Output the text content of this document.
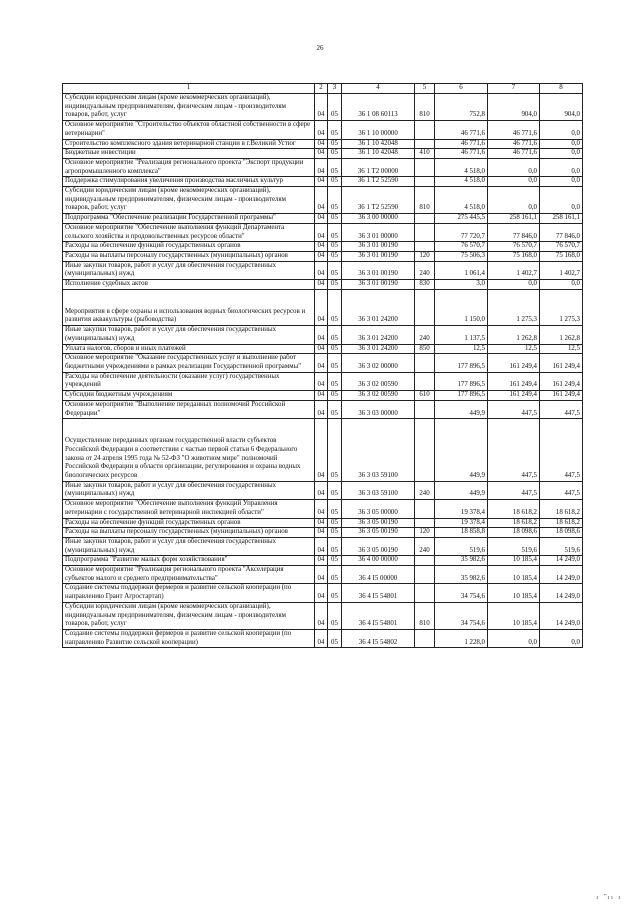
26
1	2	3	4	5	6	7	8
Субсидии юридическим лицам (кроме некоммерческих организаций), индивидуальным предпринимателям, физическим лицам - производителям товаров, работ, услуг	04	05	36 1 08 60113	810	752,8	904,0	904,0
Основное мероприятие "Строительство объектов областной собственности в сфере ветеринарии"	04	05	36 1 10 00000		46 771,6	46 771,6	0,0
Строительство комплексного здания ветеринарной станции в г.Великий Устюг	04	05	36 1 10 42048		46 771,6	46 771,6	0,0
Бюджетные инвестиции	04	05	36 1 10 42048	410	46 771,6	46 771,6	0,0
Основное мероприятие "Реализация регионального проекта "Экспорт продукции агропромышленного комплекса"	04	05	36 1 T2 00000		4 518,0	0,0	0,0
Поддержка стимулирования увеличения производства масличных культур	04	05	36 1 T2 52590		4 518,0	0,0	0,0
Субсидии юридическим лицам (кроме некоммерческих организаций), индивидуальным предпринимателям, физическим лицам - производителям товаров, работ, услуг	04	05	36 1 T2 52590	810	4 518,0	0,0	0,0
Подпрограмма "Обеспечение реализации Государственной программы"	04	05	36 3 00 00000		275 445,5	258 161,1	258 161,1
Основное мероприятие "Обеспечение выполнения функций Департамента сельского хозяйства и продовольственных ресурсов области"	04	05	36 3 01 00000		77 720,7	77 846,0	77 846,0
Расходы на обеспечение функций государственных органов	04	05	36 3 01 00190		76 570,7	76 570,7	76 570,7
Расходы на выплаты персоналу государственных (муниципальных) органов	04	05	36 3 01 00190	120	75 506,3	75 168,0	75 168,0
Иные закупки товаров, работ и услуг для обеспечения государственных (муниципальных) нужд	04	05	36 3 01 00190	240	1 061,4	1 402,7	1 402,7
Исполнение судебных актов	04	05	36 3 01 00190	830	3,0	0,0	0,0
Мероприятия в сфере охраны и использования водных биологических ресурсов и развития аквакультуры (рыбоводства)	04	05	36 3 01 24200		1 150,0	1 275,3	1 275,3
Иные закупки товаров, работ и услуг для обеспечения государственных (муниципальных) нужд	04	05	36 3 01 24200	240	1 137,5	1 262,8	1 262,8
Уплата налогов, сборов и иных платежей	04	05	36 3 01 24200	850	12,5	12,5	12,5
Основное мероприятие "Оказание государственных услуг и выполнение работ бюджетными учреждениями в рамках реализации Государственной программы"	04	05	36 3 02 00000		177 896,5	161 249,4	161 249,4
Расходы на обеспечение деятельности (оказание услуг) государственных учреждений	04	05	36 3 02 00590		177 896,5	161 249,4	161 249,4
Субсидии бюджетным учреждениям	04	05	36 3 02 00590	610	177 896,5	161 249,4	161 249,4
Основное мероприятие "Выполнение переданных полномочий Российской Федерации"	04	05	36 3 03 00000		449,9	447,5	447,5
Осуществление переданных органам государственной власти субъектов Российской Федерации в соответствии с частью первой статьи 6 Федерального закона от 24 апреля 1995 года № 52-ФЗ "О животном мире" полномочий Российской Федерации в области организации, регулирования и охраны водных биологических ресурсов	04	05	36 3 03 59100		449,9	447,5	447,5
Иные закупки товаров, работ и услуг для обеспечения государственных (муниципальных) нужд	04	05	36 3 03 59100	240	449,9	447,5	447,5
Основное мероприятие "Обеспечение выполнения функций Управления ветеринарии с государственной ветеринарной инспекцией области"	04	05	36 3 05 00000		19 378,4	18 618,2	18 618,2
Расходы на обеспечение функций государственных органов	04	05	36 3 05 00190		19 378,4	18 618,2	18 618,2
Расходы на выплаты персоналу государственных (муниципальных) органов	04	05	36 3 05 00190	120	18 858,8	18 098,6	18 098,6
Иные закупки товаров, работ и услуг для обеспечения государственных (муниципальных) нужд	04	05	36 3 05 00190	240	519,6	519,6	519,6
Подпрограмма "Развитие малых форм хозяйствования"	04	05	36 4 00 00000		35 982,6	10 185,4	14 249,0
Основное мероприятие "Реализация регионального проекта "Акселерация субъектов малого и среднего предпринимательства"	04	05	36 4 I5 00000		35 982,6	10 185,4	14 249,0
Создание системы поддержки фермеров и развитие сельской кооперации (по направлению Грант Агростартап)	04	05	36 4 I5 54801		34 754,6	10 185,4	14 249,0
Субсидии юридическим лицам (кроме некоммерческих организаций), индивидуальным предпринимателям, физическим лицам - производителям товаров, работ, услуг	04	05	36 4 I5 54801	810	34 754,6	10 185,4	14 249,0
Создание системы поддержки фермеров и развитие сельской кооперации (по направлению Развитие сельской кооперации)	04	05	36 4 I5 54802		1 228,0	0,0	0,0
ı ˈ̅ıı ı
